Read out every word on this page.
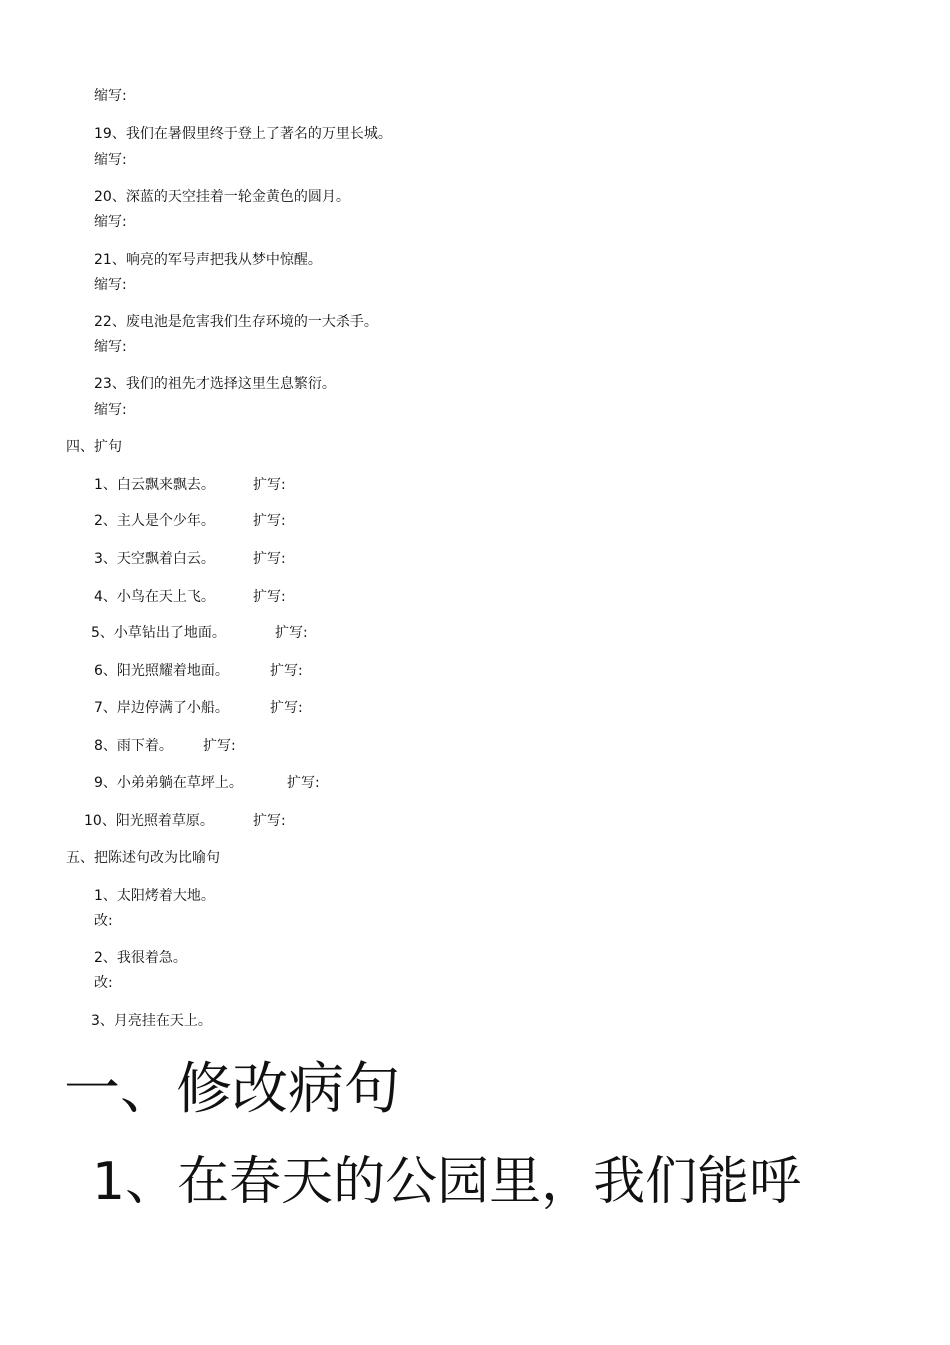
缩写:
19、我们在暑假里终于登上了著名的万里长城。
缩写:
20、深蓝的天空挂着一轮金黄色的圆月。
缩写:
21、响亮的军号声把我从梦中惊醒。
缩写:
22、废电池是危害我们生存环境的一大杀手。
缩写:
23、我们的祖先才选择这里生息繁衍。
缩写:
四、扩句
1、白云飘来飘去。	扩写:
2、主人是个少年。	扩写:
3、天空飘着白云。	扩写:
4、小鸟在天上飞。	扩写:
5、小草钻出了地面。	扩写:
6、阳光照耀着地面。	扩写:
7、岸边停满了小船。	扩写:
8、雨下着。 扩写:
9、小弟弟躺在草坪上。	扩写:
10、阳光照着草原。	扩写:
五、把陈述句改为比喻句
1、太阳烤着大地。
改:
2、我很着急。
改:
3、月亮挂在天上。
一、修改病句
1、在春天的公园里，我们能呼
